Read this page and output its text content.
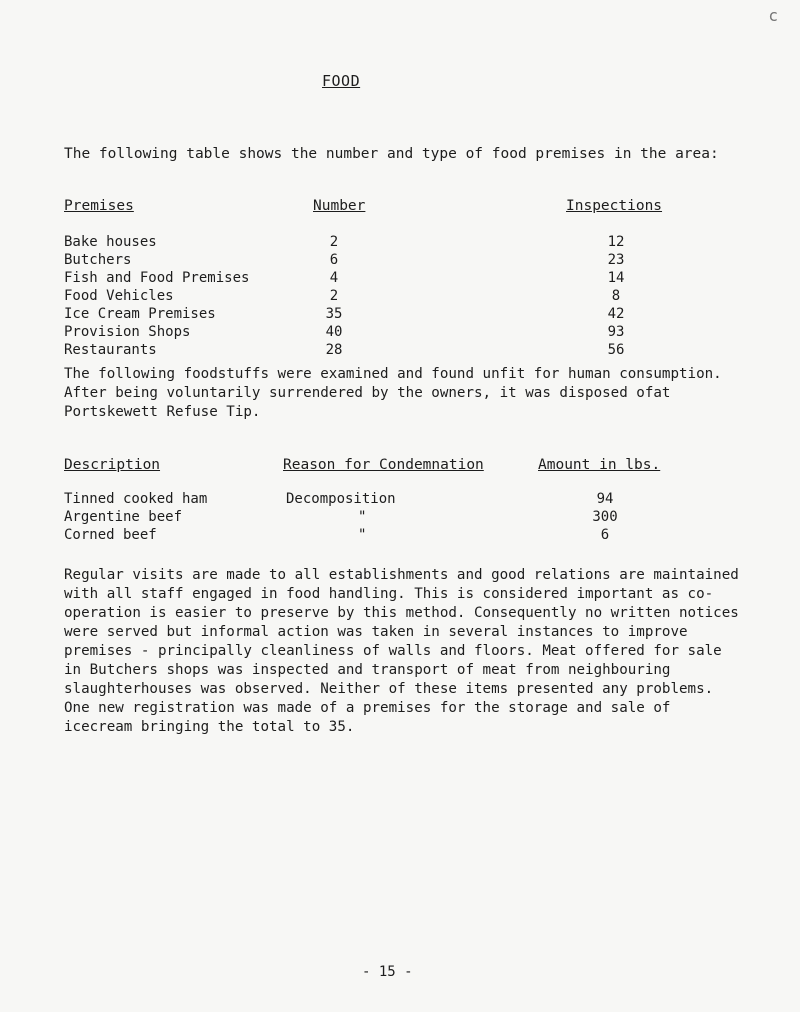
c
FOOD
The following table shows the number and type of food premises in the area:
Premises	Number	Inspections
Bake houses	2	12
Butchers	6	23
Fish and Food Premises	4	14
Food Vehicles	2	8
Ice Cream Premises	35	42
Provision Shops	40	93
Restaurants	28	56
The following foodstuffs were examined and found unfit for human consumption. After being voluntarily surrendered by the owners, it was disposed ofat Portskewett Refuse Tip.
Description	Reason for Condemnation	Amount in lbs.
Tinned cooked ham	Decomposition	94
Argentine beef	"	300
Corned beef	"	6
Regular visits are made to all establishments and good relations are maintained with all staff engaged in food handling. This is considered important as co-operation is easier to preserve by this method. Consequently no written notices were served but informal action was taken in several instances to improve premises - principally cleanliness of walls and floors. Meat offered for sale in Butchers shops was inspected and transport of meat from neighbouring slaughterhouses was observed. Neither of these items presented any problems. One new registration was made of a premises for the storage and sale of icecream bringing the total to 35.
- 15 -
